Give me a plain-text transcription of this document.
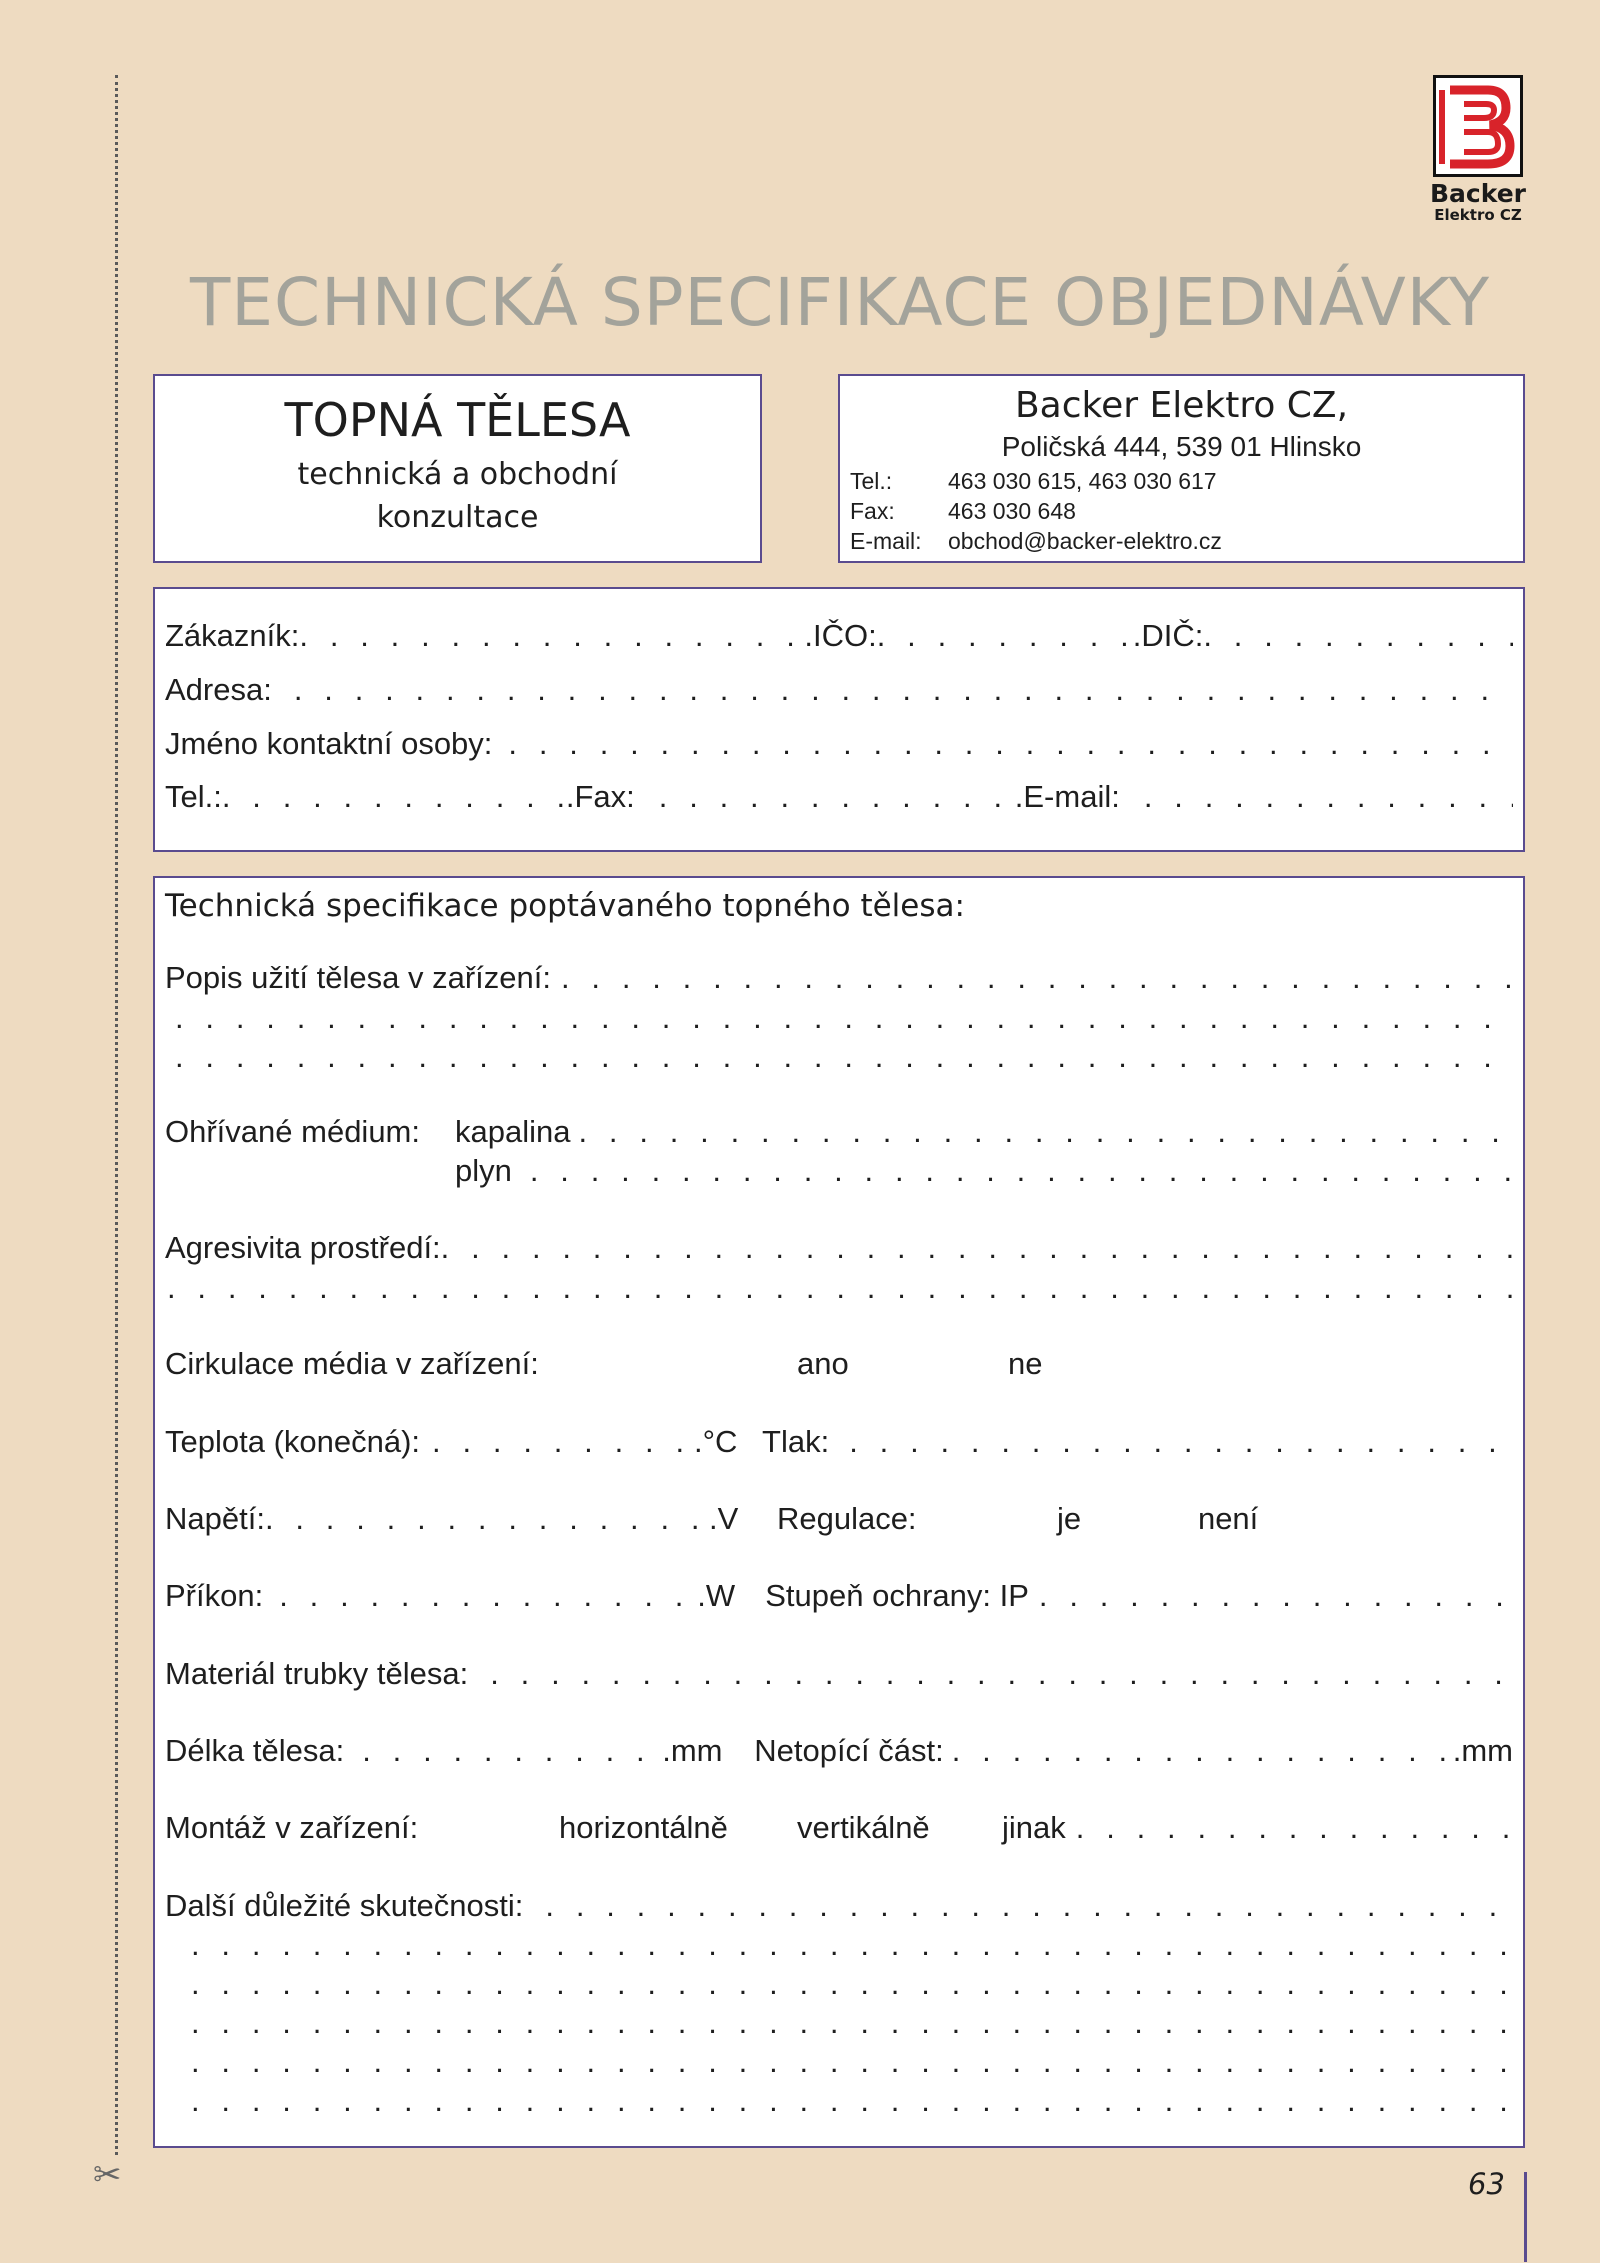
✂
Backer
Elektro CZ
TECHNICKÁ SPECIFIKACE OBJEDNÁVKY
TOPNÁ TĚLESA
technická a obchodní
konzultace
Backer Elektro CZ,
Poličská 444, 539 01 Hlinsko
Tel.:	463 030 615, 463 030 617
Fax:	463 030 648
E-mail:	obchod@backer-elektro.cz
Zákazník: . . .	.IČO: . . .	.DIČ:
. . .
Adresa:
. . .
Jméno kontaktní osoby:
. . .
Tel.: . . .	.Fax: . . .	.E-mail:
. . .
Technická specifikace poptávaného topného tělesa:
Popis užití tělesa v zařízení:
. . .
. . .
. . .
Ohřívané médium:	kapalina
. . .
plyn
. . .
Agresivita prostředí:
. . .
. . .
Cirkulace média v zařízení:	ano	ne
Teplota (konečná): . . .	.°C Tlak:
. . .
Napětí: . . .	.V	Regulace:	je	není
Příkon: . . .	.W Stupeň ochrany: IP
. . .
Materiál trubky tělesa:
. . .
Délka tělesa: . . .	.mm	Netopící část: . . .	.mm
Montáž v zařízení:	horizontálně	vertikálně	jinak
. . .
Další důležité skutečnosti:
. . .
. . .
. . .
. . .
. . .
. . .
63
